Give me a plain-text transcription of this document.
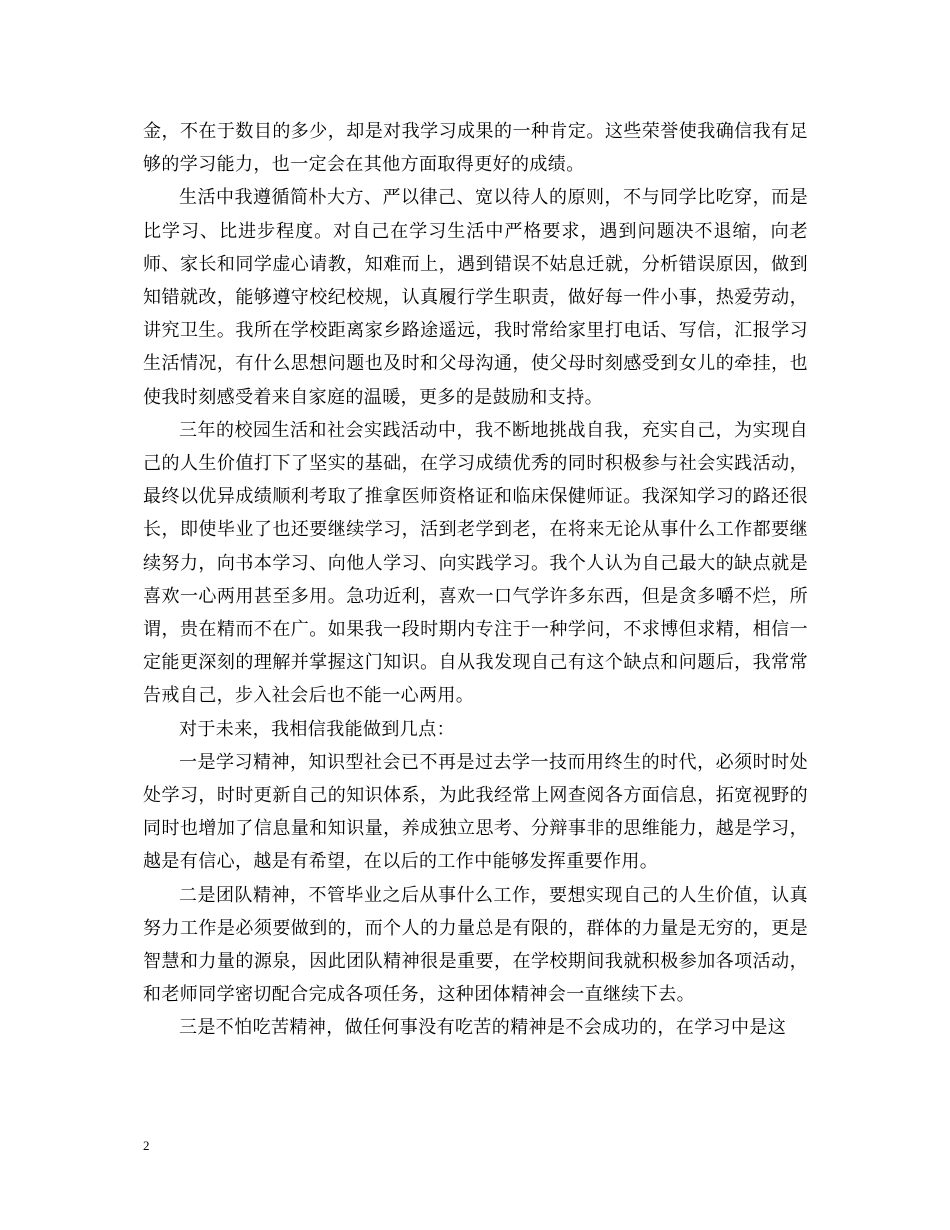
金，不在于数目的多少，却是对我学习成果的一种肯定。这些荣誉使我确信我有足够的学习能力，也一定会在其他方面取得更好的成绩。

生活中我遵循简朴大方、严以律己、宽以待人的原则，不与同学比吃穿，而是比学习、比进步程度。对自己在学习生活中严格要求，遇到问题决不退缩，向老师、家长和同学虚心请教，知难而上，遇到错误不姑息迁就，分析错误原因，做到知错就改，能够遵守校纪校规，认真履行学生职责，做好每一件小事，热爱劳动，讲究卫生。我所在学校距离家乡路途遥远，我时常给家里打电话、写信，汇报学习生活情况，有什么思想问题也及时和父母沟通，使父母时刻感受到女儿的牵挂，也使我时刻感受着来自家庭的温暖，更多的是鼓励和支持。

三年的校园生活和社会实践活动中，我不断地挑战自我，充实自己，为实现自己的人生价值打下了坚实的基础，在学习成绩优秀的同时积极参与社会实践活动，最终以优异成绩顺利考取了推拿医师资格证和临床保健师证。我深知学习的路还很长，即使毕业了也还要继续学习，活到老学到老，在将来无论从事什么工作都要继续努力，向书本学习、向他人学习、向实践学习。我个人认为自己最大的缺点就是喜欢一心两用甚至多用。急功近利，喜欢一口气学许多东西，但是贪多嚼不烂，所谓，贵在精而不在广。如果我一段时期内专注于一种学问，不求博但求精，相信一定能更深刻的理解并掌握这门知识。自从我发现自己有这个缺点和问题后，我常常告戒自己，步入社会后也不能一心两用。

对于未来，我相信我能做到几点：

一是学习精神，知识型社会已不再是过去学一技而用终生的时代，必须时时处处学习，时时更新自己的知识体系，为此我经常上网查阅各方面信息，拓宽视野的同时也增加了信息量和知识量，养成独立思考、分辩事非的思维能力，越是学习，越是有信心，越是有希望，在以后的工作中能够发挥重要作用。

二是团队精神，不管毕业之后从事什么工作，要想实现自己的人生价值，认真努力工作是必须要做到的，而个人的力量总是有限的，群体的力量是无穷的，更是智慧和力量的源泉，因此团队精神很是重要，在学校期间我就积极参加各项活动，和老师同学密切配合完成各项任务，这种团体精神会一直继续下去。

三是不怕吃苦精神，做任何事没有吃苦的精神是不会成功的，在学习中是这

2
